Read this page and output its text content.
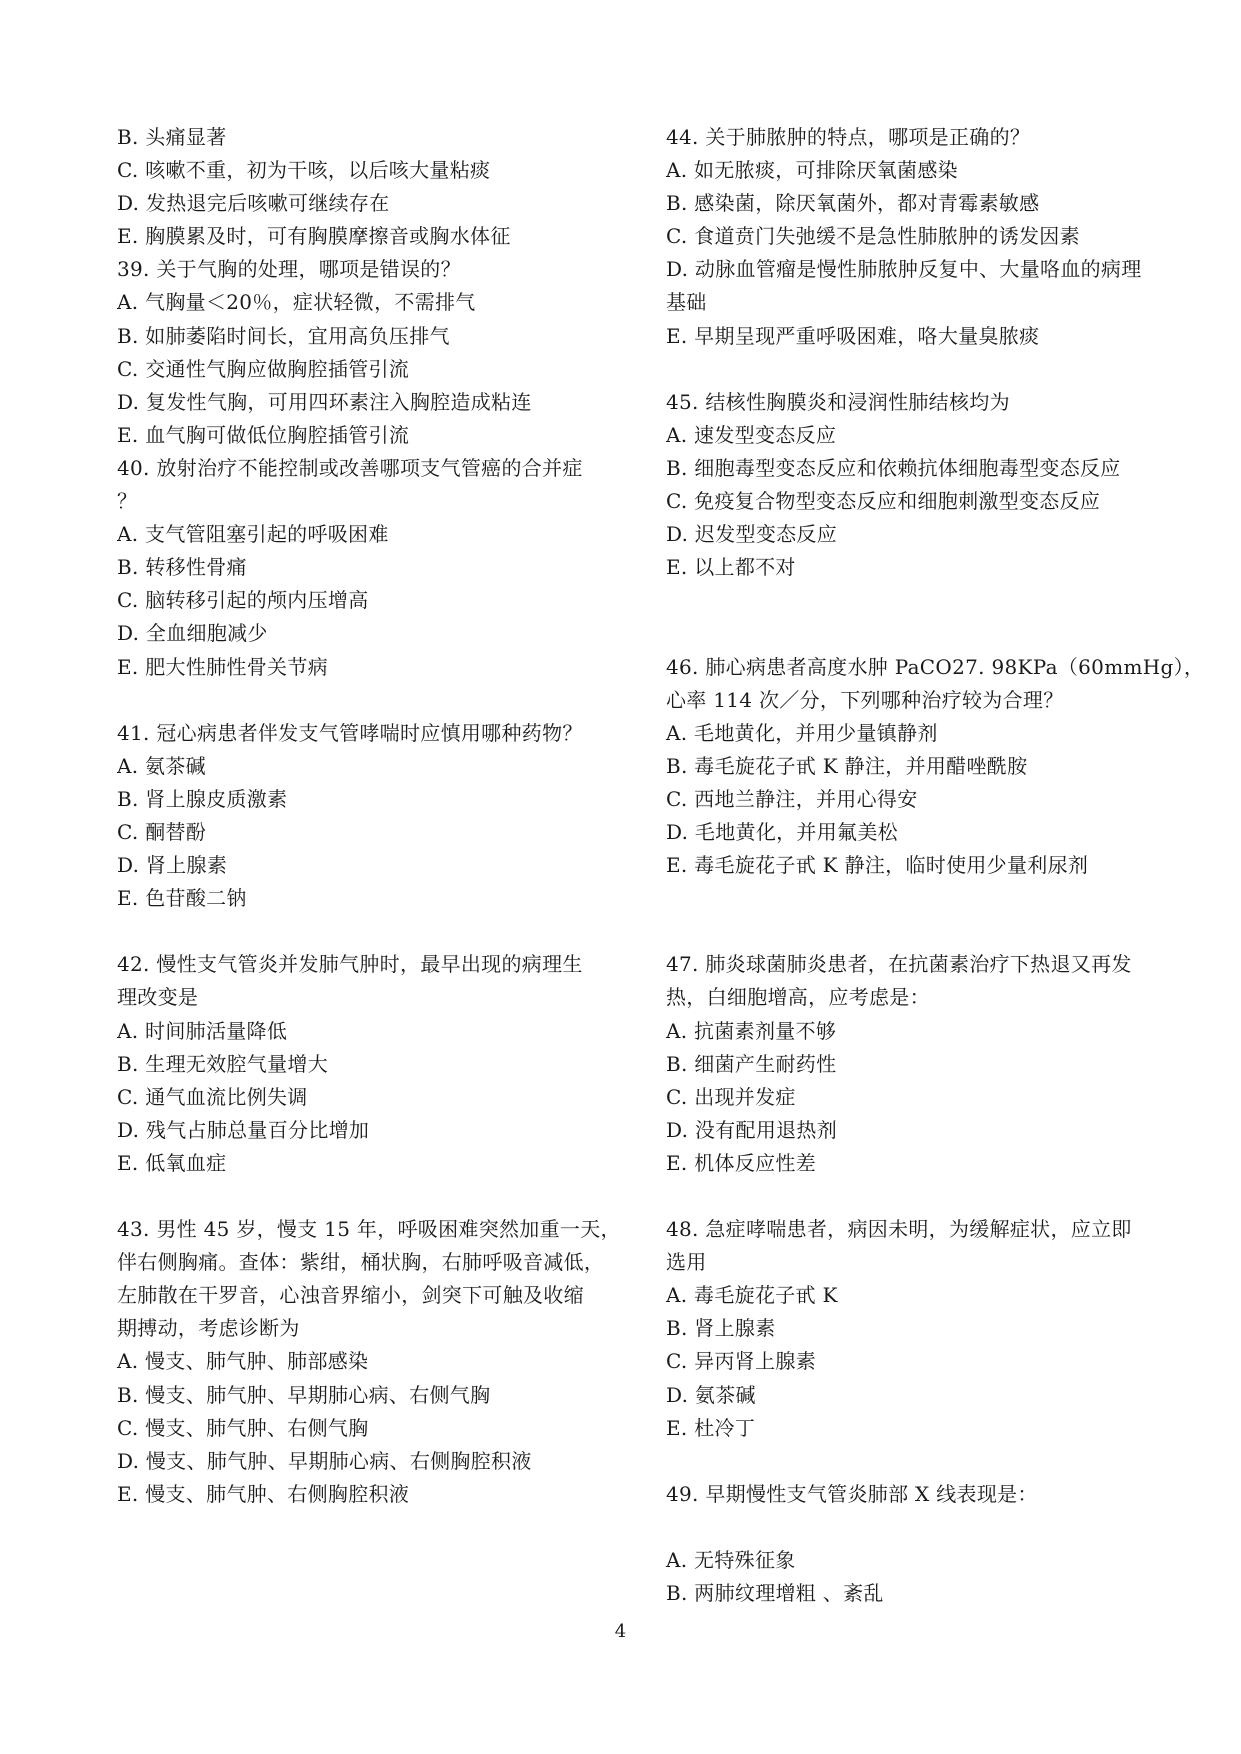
B. 头痛显著
C. 咳嗽不重，初为干咳，以后咳大量粘痰
D. 发热退完后咳嗽可继续存在
E. 胸膜累及时，可有胸膜摩擦音或胸水体征
39. 关于气胸的处理，哪项是错误的？
A. 气胸量＜20％，症状轻微，不需排气
B. 如肺萎陷时间长，宜用高负压排气
C. 交通性气胸应做胸腔插管引流
D. 复发性气胸，可用四环素注入胸腔造成粘连
E. 血气胸可做低位胸腔插管引流
40. 放射治疗不能控制或改善哪项支气管癌的合并症
？
A. 支气管阻塞引起的呼吸困难
B. 转移性骨痛
C. 脑转移引起的颅内压增高
D. 全血细胞减少
E. 肥大性肺性骨关节病
41. 冠心病患者伴发支气管哮喘时应慎用哪种药物？
A. 氨茶碱
B. 肾上腺皮质激素
C. 酮替酚
D. 肾上腺素
E. 色苷酸二钠
42. 慢性支气管炎并发肺气肿时，最早出现的病理生
理改变是
A. 时间肺活量降低
B. 生理无效腔气量增大
C. 通气血流比例失调
D. 残气占肺总量百分比增加
E. 低氧血症
43. 男性 45 岁，慢支 15 年，呼吸困难突然加重一天，
伴右侧胸痛。查体：紫绀，桶状胸，右肺呼吸音减低，
左肺散在干罗音，心浊音界缩小，剑突下可触及收缩
期搏动，考虑诊断为
A. 慢支、肺气肿、肺部感染
B. 慢支、肺气肿、早期肺心病、右侧气胸
C. 慢支、肺气肿、右侧气胸
D. 慢支、肺气肿、早期肺心病、右侧胸腔积液
E. 慢支、肺气肿、右侧胸腔积液
44. 关于肺脓肿的特点，哪项是正确的？
A. 如无脓痰，可排除厌氧菌感染
B. 感染菌，除厌氧菌外，都对青霉素敏感
C. 食道贲门失弛缓不是急性肺脓肿的诱发因素
D. 动脉血管瘤是慢性肺脓肿反复中、大量咯血的病理
基础
E. 早期呈现严重呼吸困难，咯大量臭脓痰
45. 结核性胸膜炎和浸润性肺结核均为
A. 速发型变态反应
B. 细胞毒型变态反应和依赖抗体细胞毒型变态反应
C. 免疫复合物型变态反应和细胞刺激型变态反应
D. 迟发型变态反应
E. 以上都不对
46. 肺心病患者高度水肿 PaCO27. 98KPa（60mmHg），
心率 114 次／分，下列哪种治疗较为合理？
A. 毛地黄化，并用少量镇静剂
B. 毒毛旋花子甙 K 静注，并用醋唑酰胺
C. 西地兰静注，并用心得安
D. 毛地黄化，并用氟美松
E. 毒毛旋花子甙 K 静注，临时使用少量利尿剂
47. 肺炎球菌肺炎患者，在抗菌素治疗下热退又再发
热，白细胞增高，应考虑是：
A. 抗菌素剂量不够
B. 细菌产生耐药性
C. 出现并发症
D. 没有配用退热剂
E. 机体反应性差
48. 急症哮喘患者，病因未明，为缓解症状，应立即
选用
A. 毒毛旋花子甙 K
B. 肾上腺素
C. 异丙肾上腺素
D. 氨茶碱
E. 杜冷丁
49. 早期慢性支气管炎肺部 X 线表现是：
A. 无特殊征象
B. 两肺纹理增粗 、紊乱
4
